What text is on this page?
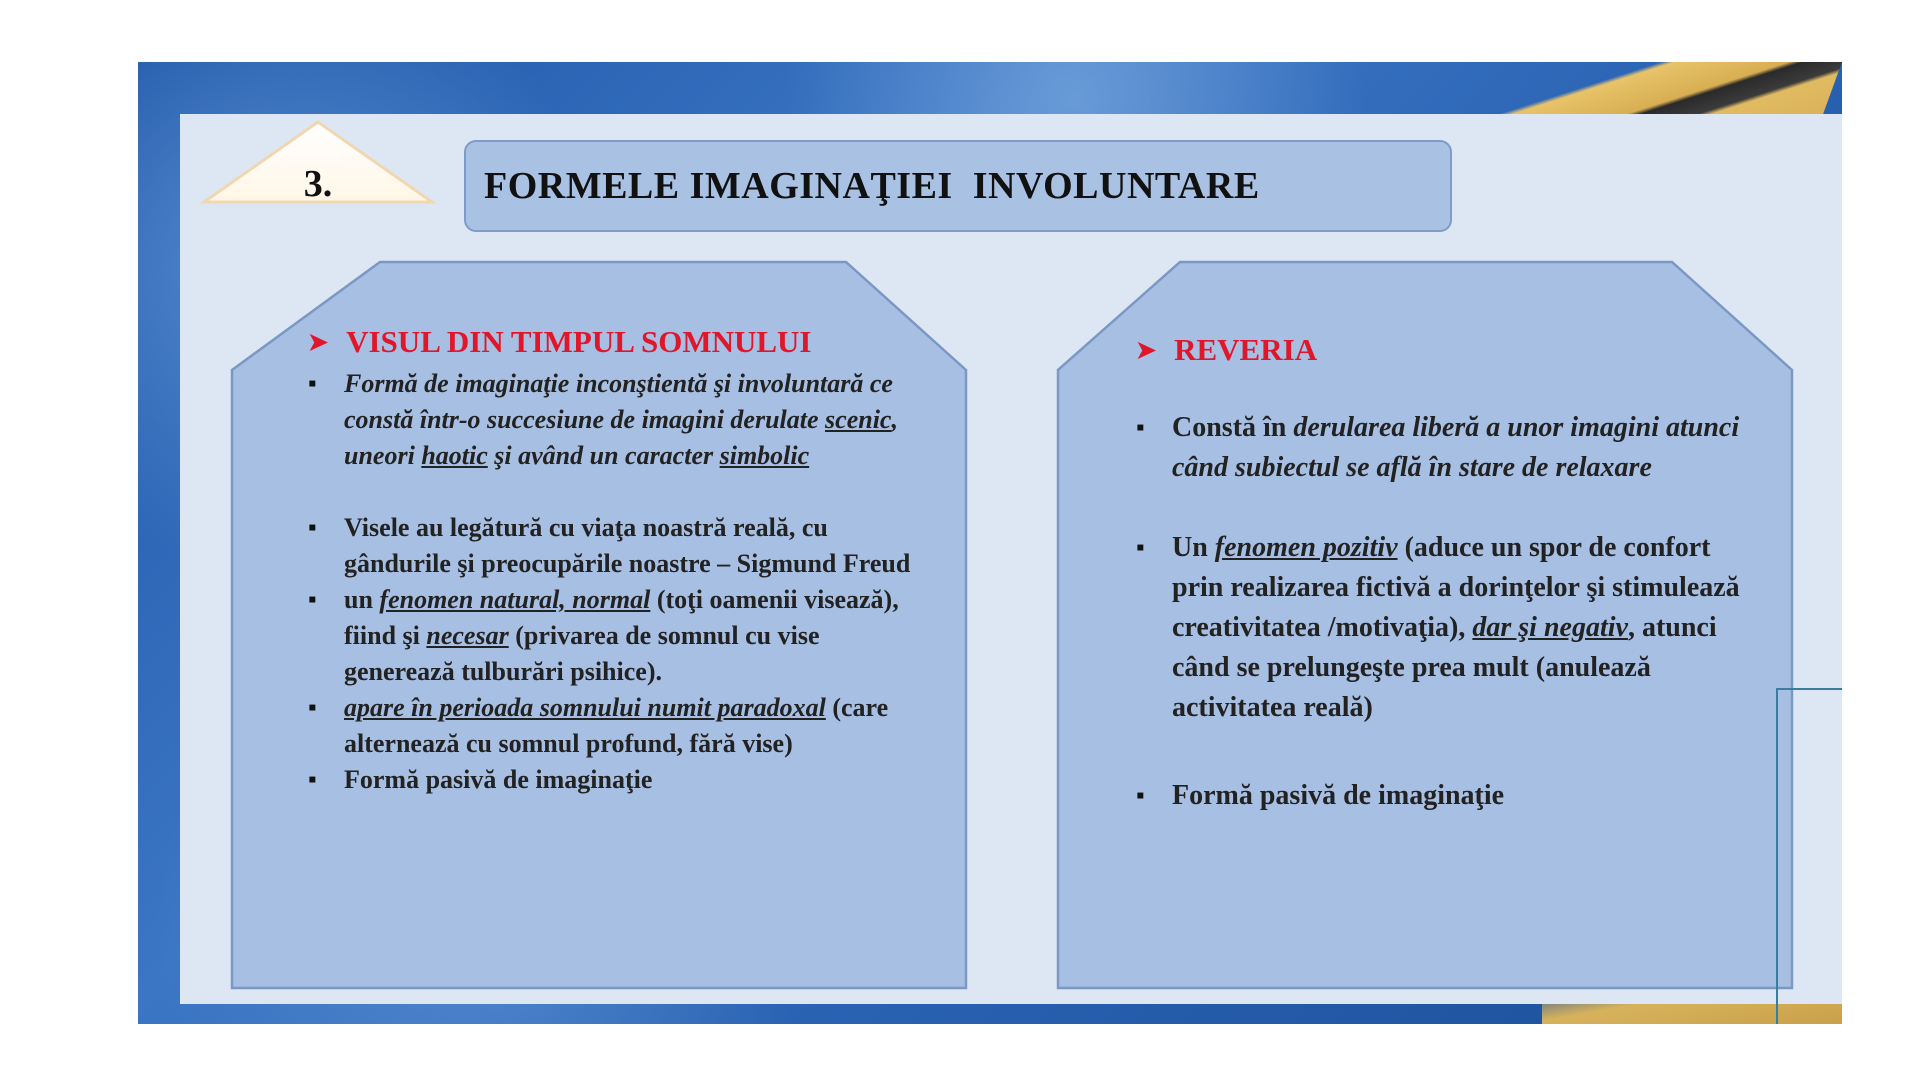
3.	FORMELE IMAGINAŢIEI  INVOLUNTARE
➤ VISUL DIN TIMPUL SOMNULUI
▪ Formă de imaginaţie inconştientă şi involuntară ce constă într-o succesiune de imagini derulate scenic, uneori haotic şi având un caracter simbolic
▪ Visele au legătură cu viaţa noastră reală, cu gândurile şi preocupările noastre – Sigmund Freud
▪ un fenomen natural, normal (toţi oamenii visează), fiind şi necesar (privarea de somnul cu vise generează tulburări psihice).
▪ apare în perioada somnului numit paradoxal (care alternează cu somnul profund, fără vise)
▪ Formă pasivă de imaginaţie
➤ REVERIA
▪ Constă în derularea liberă a unor imagini atunci când subiectul se află în stare de relaxare
▪ Un fenomen pozitiv (aduce un spor de confort prin realizarea fictivă a dorinţelor şi stimulează creativitatea /motivaţia), dar şi negativ, atunci când se prelungeşte prea mult (anulează activitatea reală)
▪ Formă pasivă de imaginaţie
